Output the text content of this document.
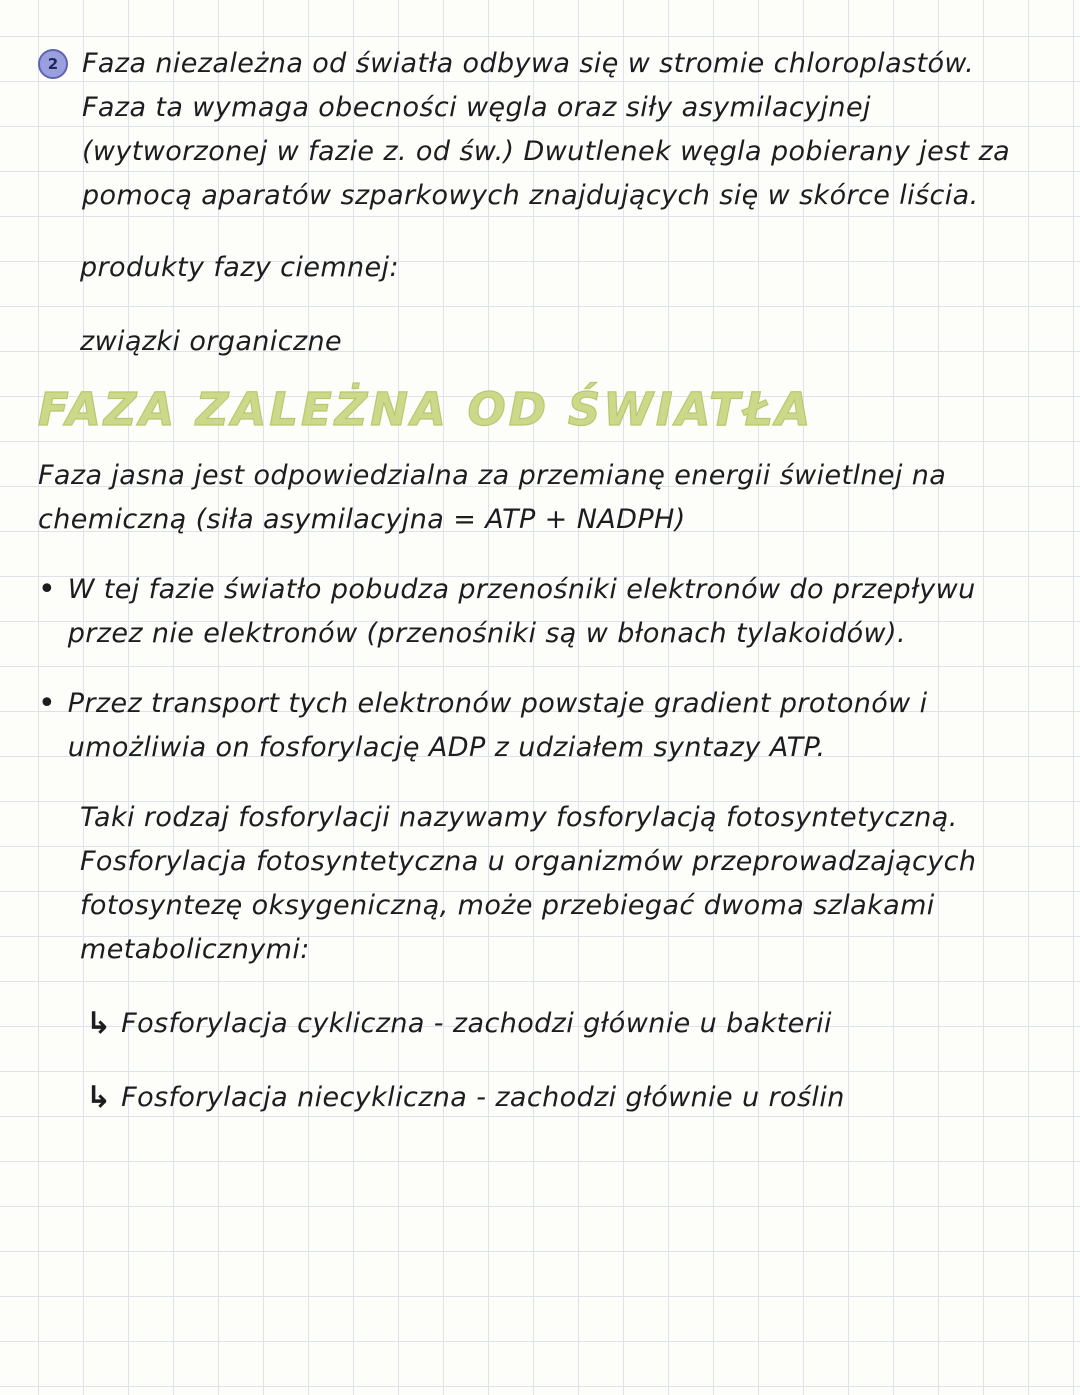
2 Faza niezależna od światła odbywa się w stromie chloroplastów. Faza ta wymaga obecności węgla oraz siły asymilacyjnej (wytworzonej w fazie z. od św.) Dwutlenek węgla pobierany jest za pomocą aparatów szparkowych znajdujących się w skórce liścia.

produkty fazy ciemnej:

związki organiczne

FAZA ZALEŻNA OD ŚWIATŁA

Faza jasna jest odpowiedzialna za przemianę energii świetlnej na chemiczną (siła asymilacyjna = ATP + NADPH)

• W tej fazie światło pobudza przenośniki elektronów do przepływu przez nie elektronów (przenośniki są w błonach tylakoidów).

• Przez transport tych elektronów powstaje gradient protonów i umożliwia on fosforylację ADP z udziałem syntazy ATP.

Taki rodzaj fosforylacji nazywamy fosforylacją fotosyntetyczną. Fosforylacja fotosyntetyczna u organizmów przeprowadzających fotosyntezę oksygeniczną, może przebiegać dwoma szlakami metabolicznymi:

↳ Fosforylacja cykliczna - zachodzi głównie u bakterii

↳ Fosforylacja niecykliczna - zachodzi głównie u roślin
